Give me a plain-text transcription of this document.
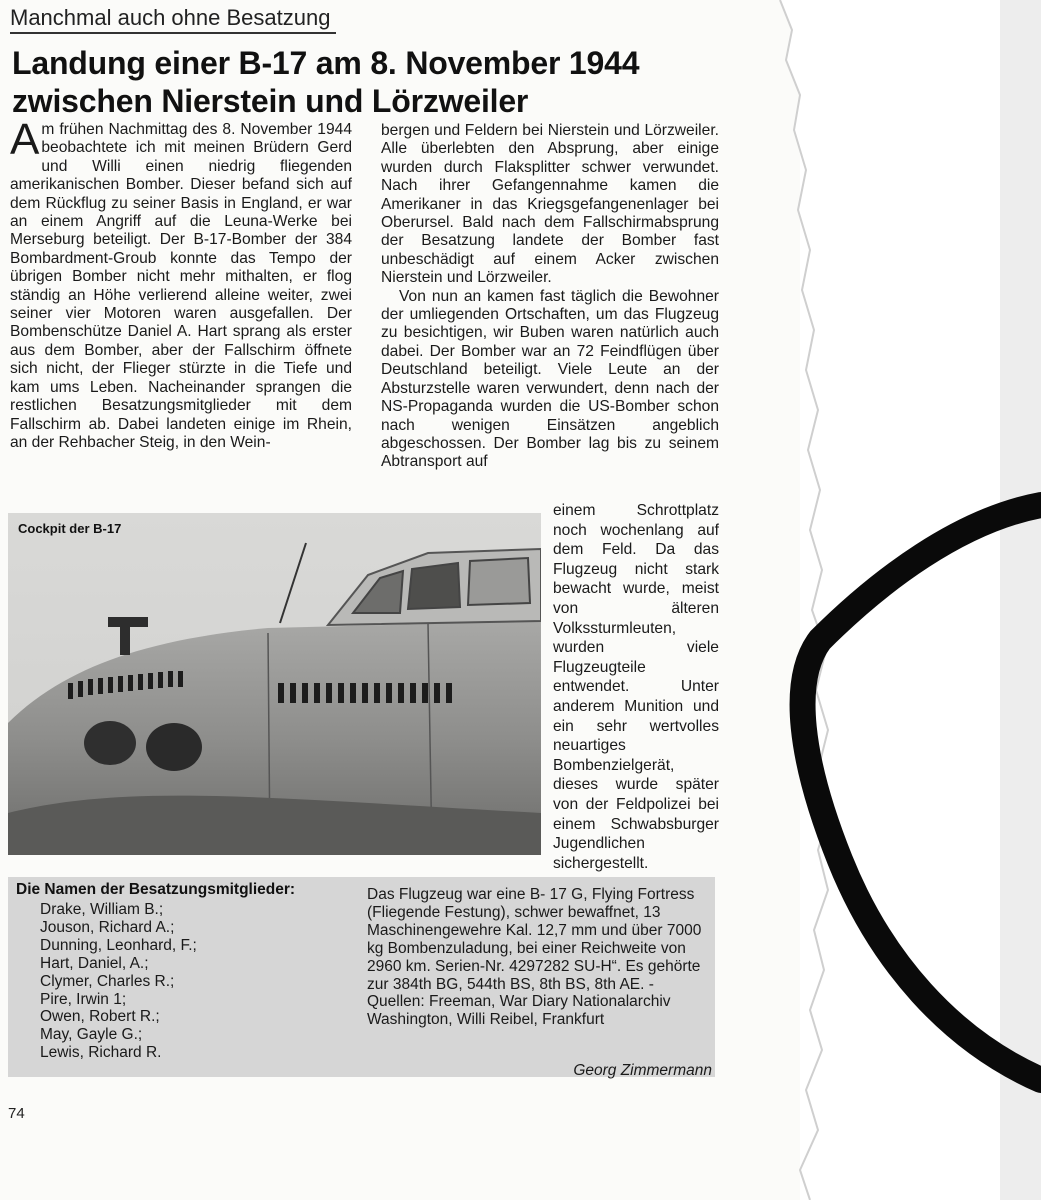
Manchmal auch ohne Besatzung
Landung einer B-17 am 8. November 1944
zwischen Nierstein und Lörzweiler

Am frühen Nachmittag des 8. November 1944 beobachtete ich mit meinen Brüdern Gerd und Willi einen niedrig fliegenden amerikanischen Bomber. Dieser befand sich auf dem Rückflug zu seiner Basis in England, er war an einem Angriff auf die Leuna-Werke bei Merseburg beteiligt. Der B-17-Bomber der 384 Bombardment-Groub konnte das Tempo der übrigen Bomber nicht mehr mithalten, er flog ständig an Höhe verlierend alleine weiter, zwei seiner vier Motoren waren ausgefallen. Der Bombenschütze Daniel A. Hart sprang als erster aus dem Bomber, aber der Fallschirm öffnete sich nicht, der Flieger stürzte in die Tiefe und kam ums Leben. Nacheinander sprangen die restlichen Besatzungsmitglieder mit dem Fallschirm ab. Dabei landeten einige im Rhein, an der Rehbacher Steig, in den Wein-

bergen und Feldern bei Nierstein und Lörzweiler. Alle überlebten den Absprung, aber einige wurden durch Flaksplitter schwer verwundet. Nach ihrer Gefangennahme kamen die Amerikaner in das Kriegsgefangenenlager bei Oberursel. Bald nach dem Fallschirmabsprung der Besatzung landete der Bomber fast unbeschädigt auf einem Acker zwischen Nierstein und Lörzweiler.

Von nun an kamen fast täglich die Bewohner der umliegenden Ortschaften, um das Flugzeug zu besichtigen, wir Buben waren natürlich auch dabei. Der Bomber war an 72 Feindflügen über Deutschland beteiligt. Viele Leute an der Absturzstelle waren verwundert, denn nach der NS-Propaganda wurden die US-Bomber schon nach wenigen Einsätzen angeblich abgeschossen. Der Bomber lag bis zu seinem Abtransport auf

Cockpit der B-17
einem Schrottplatz noch wochenlang auf dem Feld. Da das Flugzeug nicht stark bewacht wurde, meist von älteren Volkssturmleuten, wurden viele Flugzeugteile entwendet. Unter anderem Munition und ein sehr wertvolles neuartiges Bombenzielgerät, dieses wurde später von der Feldpolizei bei einem Schwabsburger Jugendlichen sichergestellt.
Die Namen der Besatzungsmitglieder:
Drake, William B.;
Jouson, Richard A.;
Dunning, Leonhard, F.;
Hart, Daniel, A.;
Clymer, Charles R.;
Pire, Irwin 1;
Owen, Robert R.;
May, Gayle G.;
Lewis, Richard R.

Das Flugzeug war eine B- 17 G, Flying Fortress (Fliegende Festung), schwer bewaffnet, 13 Maschinengewehre Kal. 12,7 mm und über 7000 kg Bombenzuladung, bei einer Reichweite von 2960 km. Serien-Nr. 4297282 SU-H“. Es gehörte zur 384th BG, 544th BS, 8th BS, 8th AE. - Quellen: Freeman, War Diary Nationalarchiv Washington, Willi Reibel, Frankfurt

Georg Zimmermann
74
